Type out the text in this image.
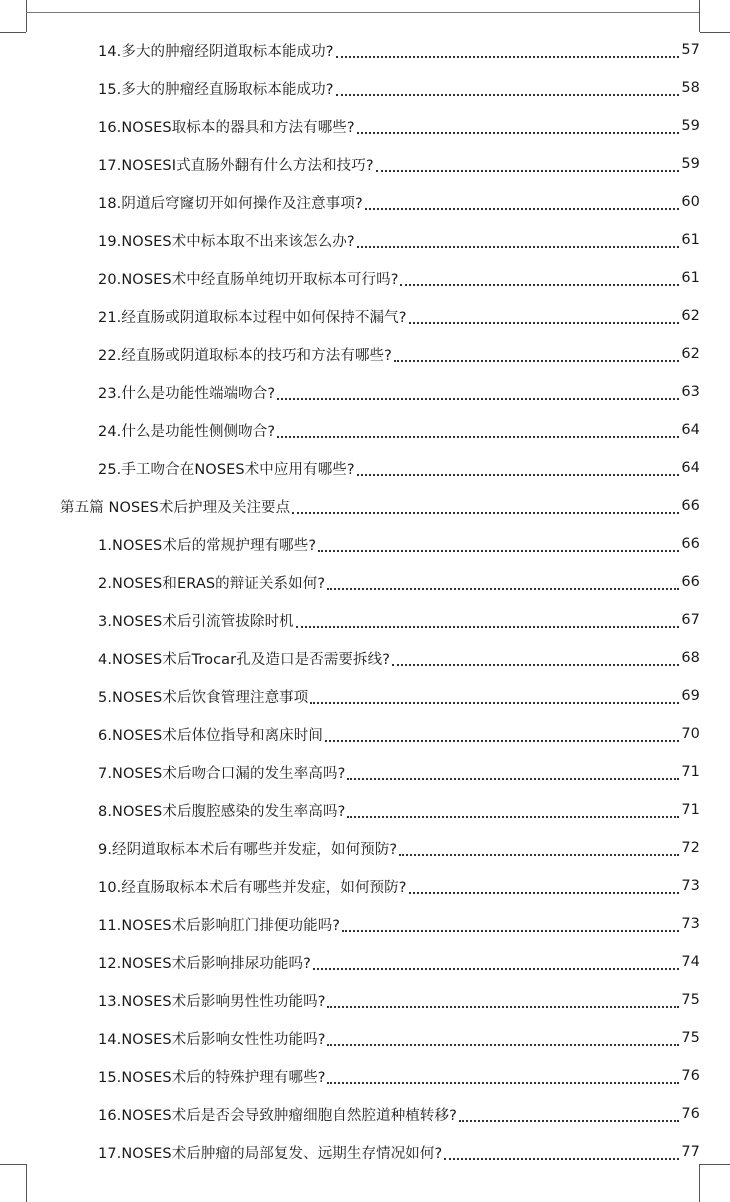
14.多大的肿瘤经阴道取标本能成功?	57
15.多大的肿瘤经直肠取标本能成功?	58
16.NOSES取标本的器具和方法有哪些?	59
17.NOSESI式直肠外翻有什么方法和技巧?	59
18.阴道后穹窿切开如何操作及注意事项?	60
19.NOSES术中标本取不出来该怎么办?	61
20.NOSES术中经直肠单纯切开取标本可行吗?	61
21.经直肠或阴道取标本过程中如何保持不漏气?	62
22.经直肠或阴道取标本的技巧和方法有哪些?	62
23.什么是功能性端端吻合?	63
24.什么是功能性侧侧吻合?	64
25.手工吻合在NOSES术中应用有哪些?	64
第五篇 NOSES术后护理及关注要点	66
1.NOSES术后的常规护理有哪些?	66
2.NOSES和ERAS的辩证关系如何?	66
3.NOSES术后引流管拔除时机	67
4.NOSES术后Trocar孔及造口是否需要拆线?	68
5.NOSES术后饮食管理注意事项	69
6.NOSES术后体位指导和离床时间	70
7.NOSES术后吻合口漏的发生率高吗?	71
8.NOSES术后腹腔感染的发生率高吗?	71
9.经阴道取标本术后有哪些并发症，如何预防?	72
10.经直肠取标本术后有哪些并发症，如何预防?	73
11.NOSES术后影响肛门排便功能吗?	73
12.NOSES术后影响排尿功能吗?	74
13.NOSES术后影响男性性功能吗?	75
14.NOSES术后影响女性性功能吗?	75
15.NOSES术后的特殊护理有哪些?	76
16.NOSES术后是否会导致肿瘤细胞自然腔道种植转移?	76
17.NOSES术后肿瘤的局部复发、远期生存情况如何?	77
